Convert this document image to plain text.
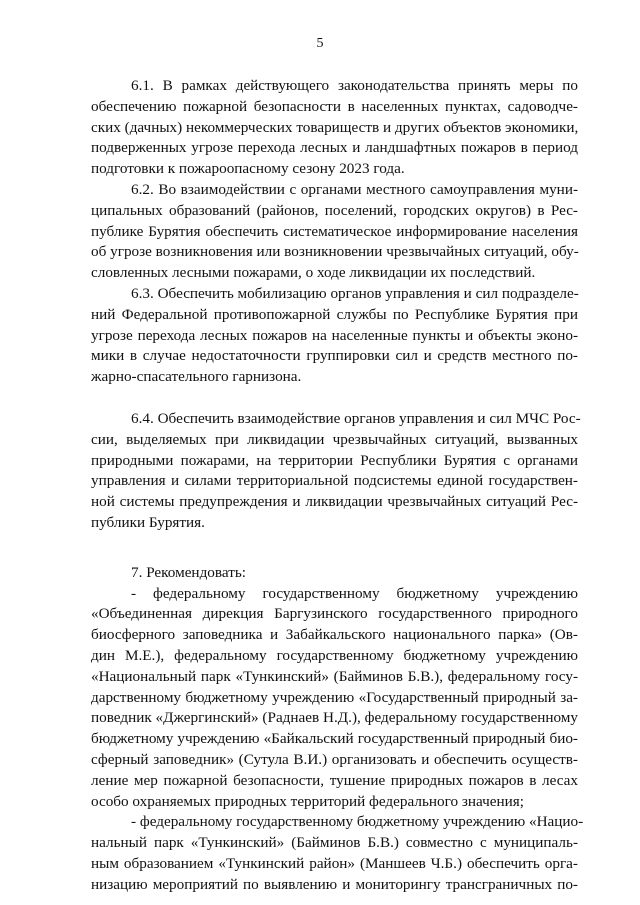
5
6.1. В рамках действующего законодательства принять меры по
обеспечению пожарной безопасности в населенных пунктах, садоводче-
ских (дачных) некоммерческих товариществ и других объектов экономики,
подверженных угрозе перехода лесных и ландшафтных пожаров в период
подготовки к пожароопасному сезону 2023 года.
6.2. Во взаимодействии с органами местного самоуправления муни-
ципальных образований (районов, поселений, городских округов) в Рес-
публике Бурятия обеспечить систематическое информирование населения
об угрозе возникновения или возникновении чрезвычайных ситуаций, обу-
словленных лесными пожарами, о ходе ликвидации их последствий.
6.3. Обеспечить мобилизацию органов управления и сил подразделе-
ний Федеральной противопожарной службы по Республике Бурятия при
угрозе перехода лесных пожаров на населенные пункты и объекты эконо-
мики в случае недостаточности группировки сил и средств местного по-
жарно-спасательного гарнизона.
6.4. Обеспечить взаимодействие органов управления и сил МЧС Рос-
сии, выделяемых при ликвидации чрезвычайных ситуаций, вызванных
природными пожарами, на территории Республики Бурятия с органами
управления и силами территориальной подсистемы единой государствен-
ной системы предупреждения и ликвидации чрезвычайных ситуаций Рес-
публики Бурятия.
7. Рекомендовать:
- федеральному государственному бюджетному учреждению
«Объединенная дирекция Баргузинского государственного природного
биосферного заповедника и Забайкальского национального парка» (Ов-
дин М.Е.), федеральному государственному бюджетному учреждению
«Национальный парк «Тункинский» (Байминов Б.В.), федеральному госу-
дарственному бюджетному учреждению «Государственный природный за-
поведник «Джергинский» (Раднаев Н.Д.), федеральному государственному
бюджетному учреждению «Байкальский государственный природный био-
сферный заповедник» (Сутула В.И.) организовать и обеспечить осуществ-
ление мер пожарной безопасности, тушение природных пожаров в лесах
особо охраняемых природных территорий федерального значения;
- федеральному государственному бюджетному учреждению «Нацио-
нальный парк «Тункинский» (Байминов Б.В.) совместно с муниципаль-
ным образованием «Тункинский район» (Маншеев Ч.Б.) обеспечить орга-
низацию мероприятий по выявлению и мониторингу трансграничных по-
